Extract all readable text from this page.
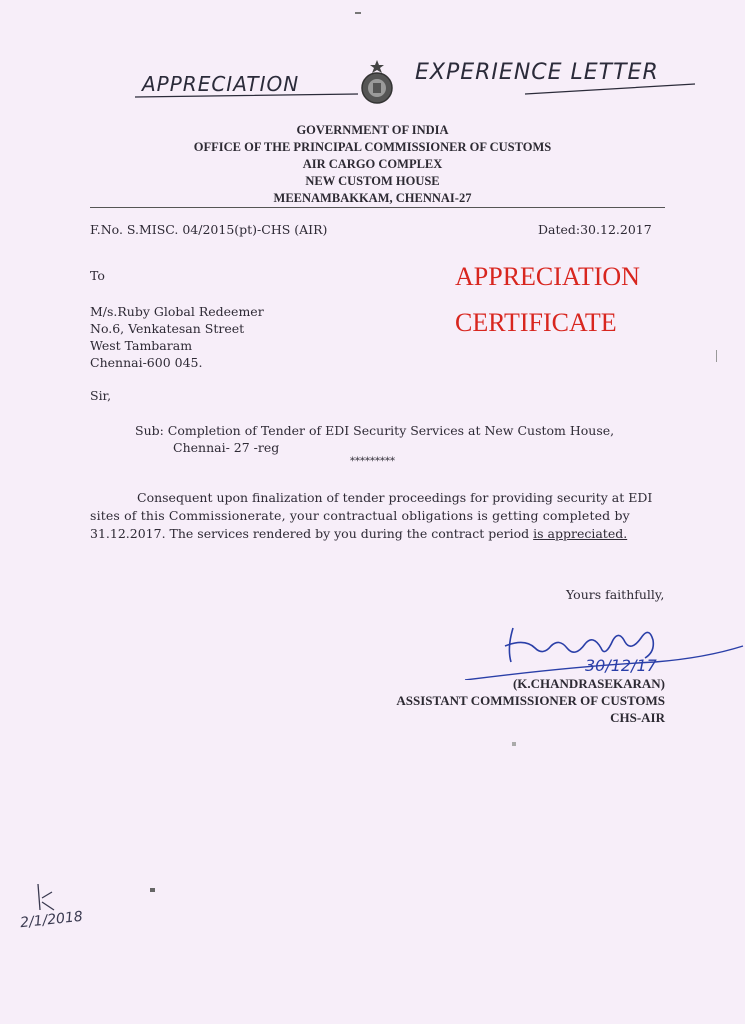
APPRECIATION	EXPERIENCE LETTER
GOVERNMENT OF INDIA
OFFICE OF THE PRINCIPAL COMMISSIONER OF CUSTOMS
AIR CARGO COMPLEX
NEW CUSTOM HOUSE
MEENAMBAKKAM, CHENNAI-27
F.No. S.MISC. 04/2015(pt)-CHS (AIR)	Dated:30.12.2017
To
M/s.Ruby Global Redeemer
No.6, Venkatesan Street
West Tambaram
Chennai-600 045.
APPRECIATION
CERTIFICATE
Sir,
Sub: Completion of Tender of EDI Security Services at New Custom House,
Chennai- 27 -reg
*********
Consequent upon finalization of tender proceedings for providing security at EDI
sites of this Commissionerate, your contractual obligations is getting completed by
31.12.2017. The services rendered by you during the contract period is appreciated.
Yours faithfully,
30/12/17
(K.CHANDRASEKARAN)
ASSISTANT COMMISSIONER OF CUSTOMS
CHS-AIR
2/1/2018
